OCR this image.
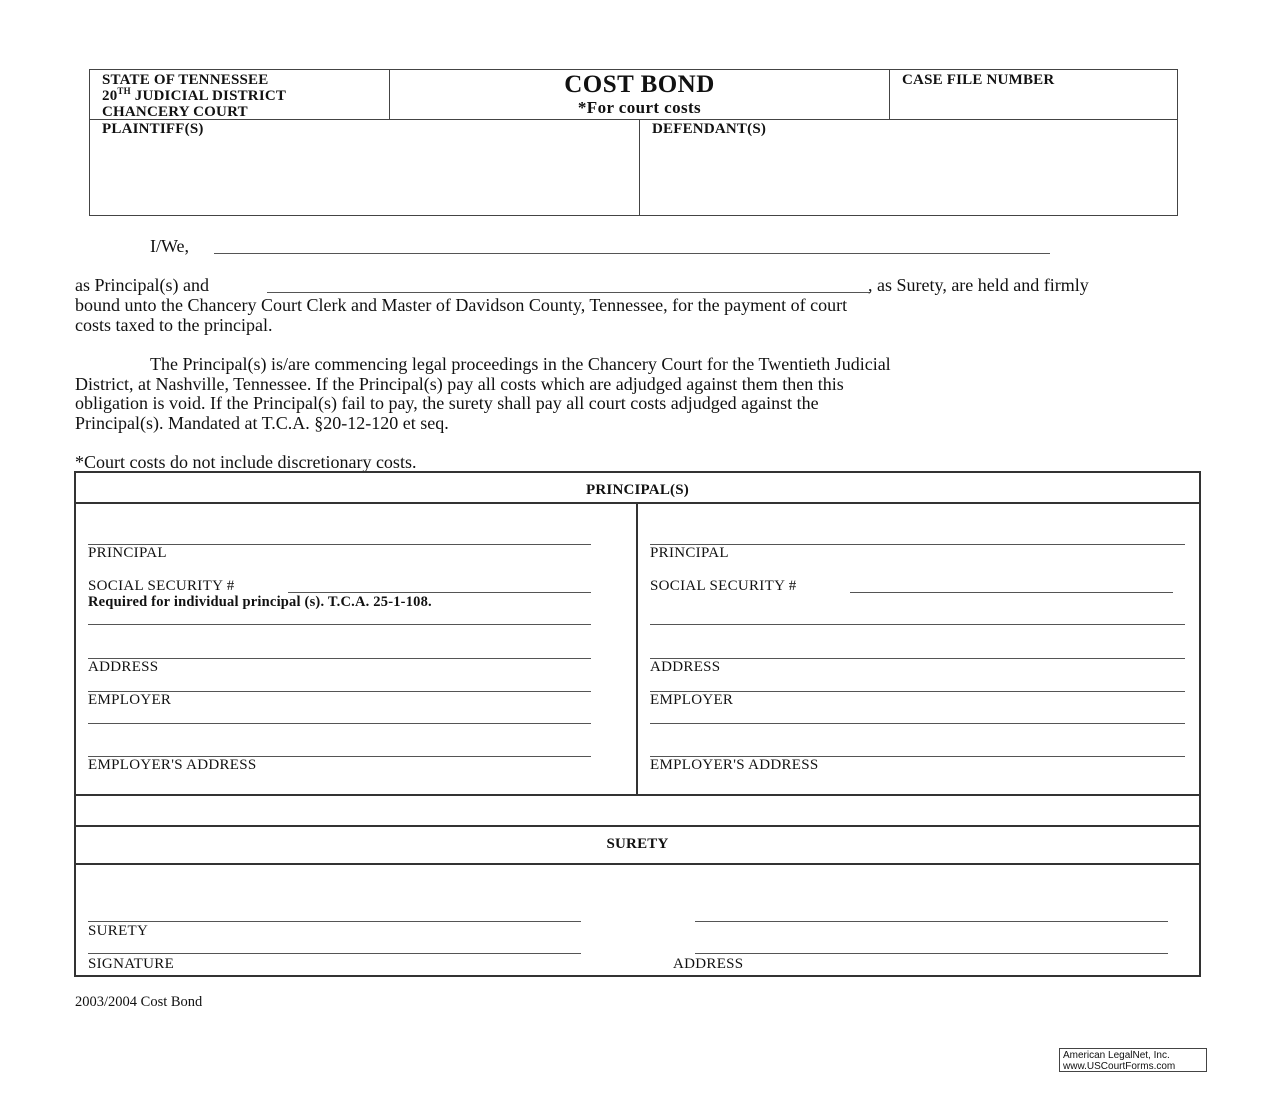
STATE OF TENNESSEE
20TH JUDICIAL DISTRICT
CHANCERY COURT
COST BOND
*For court costs
CASE FILE NUMBER
PLAINTIFF(S)	DEFENDANT(S)
I/We,
as Principal(s) and	, as Surety, are held and firmly
bound unto the Chancery Court Clerk and Master of Davidson County, Tennessee, for the payment of court
costs taxed to the principal.
The Principal(s) is/are commencing legal proceedings in the Chancery Court for the Twentieth Judicial
District, at Nashville, Tennessee. If the Principal(s) pay all costs which are adjudged against them then this
obligation is void. If the Principal(s) fail to pay, the surety shall pay all court costs adjudged against the
Principal(s). Mandated at T.C.A. §20-12-120 et seq.
*Court costs do not include discretionary costs.
PRINCIPAL(S)
PRINCIPAL
SOCIAL SECURITY #
Required for individual principal (s). T.C.A. 25-1-108.
ADDRESS
EMPLOYER
EMPLOYER'S ADDRESS
PRINCIPAL
SOCIAL SECURITY #
ADDRESS
EMPLOYER
EMPLOYER'S ADDRESS
SURETY
SURETY
SIGNATURE	ADDRESS
2003/2004 Cost Bond
American LegalNet, Inc.
www.USCourtForms.com
